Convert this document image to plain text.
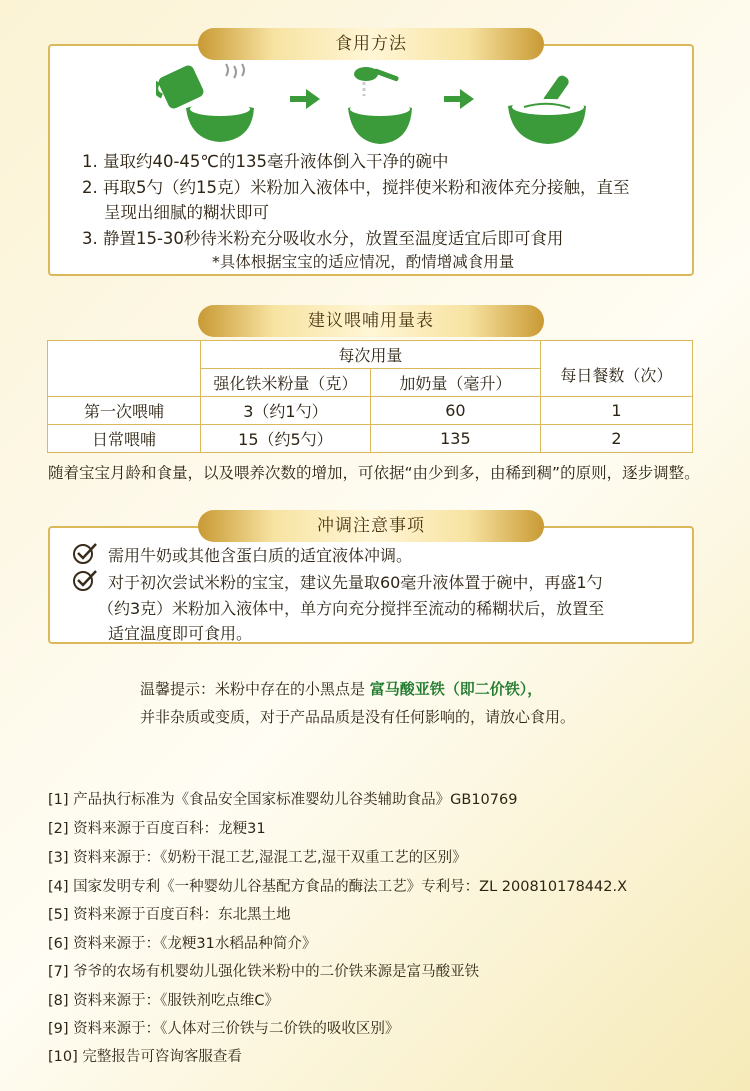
食用方法
1. 量取约40-45℃的135毫升液体倒入干净的碗中
2. 再取5勺（约15克）米粉加入液体中，搅拌使米粉和液体充分接触，直至
呈现出细腻的糊状即可
3. 静置15-30秒待米粉充分吸收水分，放置至温度适宜后即可食用
*具体根据宝宝的适应情况，酌情增减食用量
建议喂哺用量表
	每次用量		每日餐数（次）
	强化铁米粉量（克）	加奶量（毫升）	
第一次喂哺	3（约1勺）	60	1
日常喂哺	15（约5勺）	135	2
随着宝宝月龄和食量，以及喂养次数的增加，可依据“由少到多，由稀到稠”的原则，逐步调整。
冲调注意事项
需用牛奶或其他含蛋白质的适宜液体冲调。
对于初次尝试米粉的宝宝，建议先量取60毫升液体置于碗中，再盛1勺
（约3克）米粉加入液体中，单方向充分搅拌至流动的稀糊状后，放置至
适宜温度即可食用。
温馨提示：米粉中存在的小黑点是 富马酸亚铁（即二价铁），
并非杂质或变质，对于产品品质是没有任何影响的，请放心食用。
[1] 产品执行标准为《食品安全国家标准婴幼儿谷类辅助食品》GB10769
[2] 资料来源于百度百科：龙粳31
[3] 资料来源于：《奶粉干混工艺,湿混工艺,湿干双重工艺的区别》
[4] 国家发明专利《一种婴幼儿谷基配方食品的酶法工艺》专利号：ZL 200810178442.X
[5] 资料来源于百度百科：东北黑土地
[6] 资料来源于：《龙粳31水稻品种简介》
[7] 爷爷的农场有机婴幼儿强化铁米粉中的二价铁来源是富马酸亚铁
[8] 资料来源于：《服铁剂吃点维C》
[9] 资料来源于：《人体对三价铁与二价铁的吸收区别》
[10] 完整报告可咨询客服查看
